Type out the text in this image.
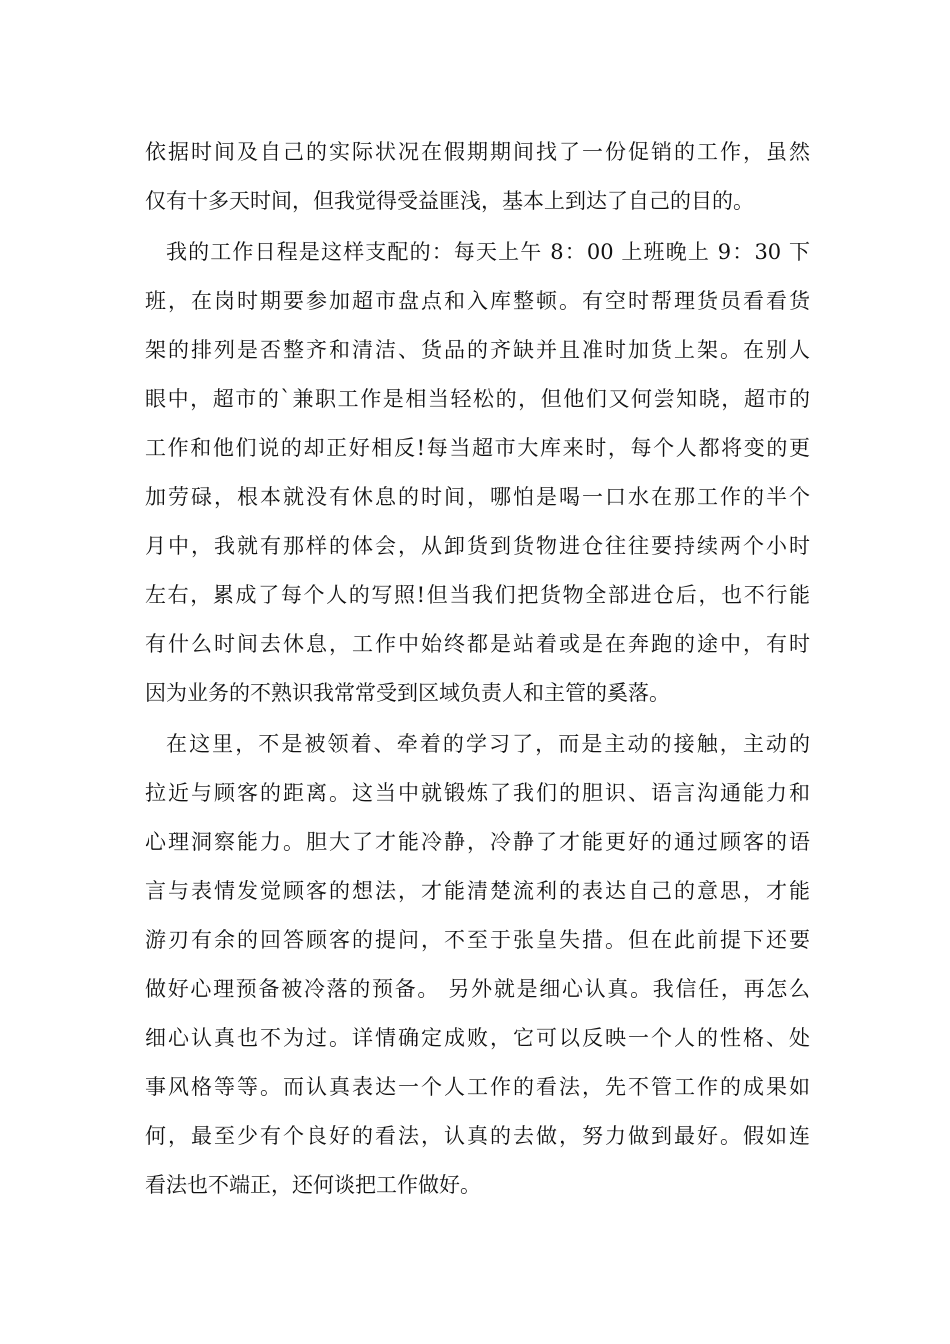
依据时间及自己的实际状况在假期期间找了一份促销的工作，虽然
仅有十多天时间，但我觉得受益匪浅，基本上到达了自己的目的。
我的工作日程是这样支配的：每天上午 8：00 上班晚上 9：30 下
班，在岗时期要参加超市盘点和入库整顿。有空时帮理货员看看货
架的排列是否整齐和清洁、货品的齐缺并且准时加货上架。在别人
眼中，超市的`兼职工作是相当轻松的，但他们又何尝知晓，超市的
工作和他们说的却正好相反!每当超市大库来时，每个人都将变的更
加劳碌，根本就没有休息的时间，哪怕是喝一口水在那工作的半个
月中，我就有那样的体会，从卸货到货物进仓往往要持续两个小时
左右，累成了每个人的写照!但当我们把货物全部进仓后，也不行能
有什么时间去休息，工作中始终都是站着或是在奔跑的途中，有时
因为业务的不熟识我常常受到区域负责人和主管的奚落。
在这里，不是被领着、牵着的学习了，而是主动的接触，主动的
拉近与顾客的距离。这当中就锻炼了我们的胆识、语言沟通能力和
心理洞察能力。胆大了才能冷静，冷静了才能更好的通过顾客的语
言与表情发觉顾客的想法，才能清楚流利的表达自己的意思，才能
游刃有余的回答顾客的提问，不至于张皇失措。但在此前提下还要
做好心理预备被冷落的预备。 另外就是细心认真。我信任，再怎么
细心认真也不为过。详情确定成败，它可以反映一个人的性格、处
事风格等等。而认真表达一个人工作的看法，先不管工作的成果如
何，最至少有个良好的看法，认真的去做，努力做到最好。假如连
看法也不端正，还何谈把工作做好。
